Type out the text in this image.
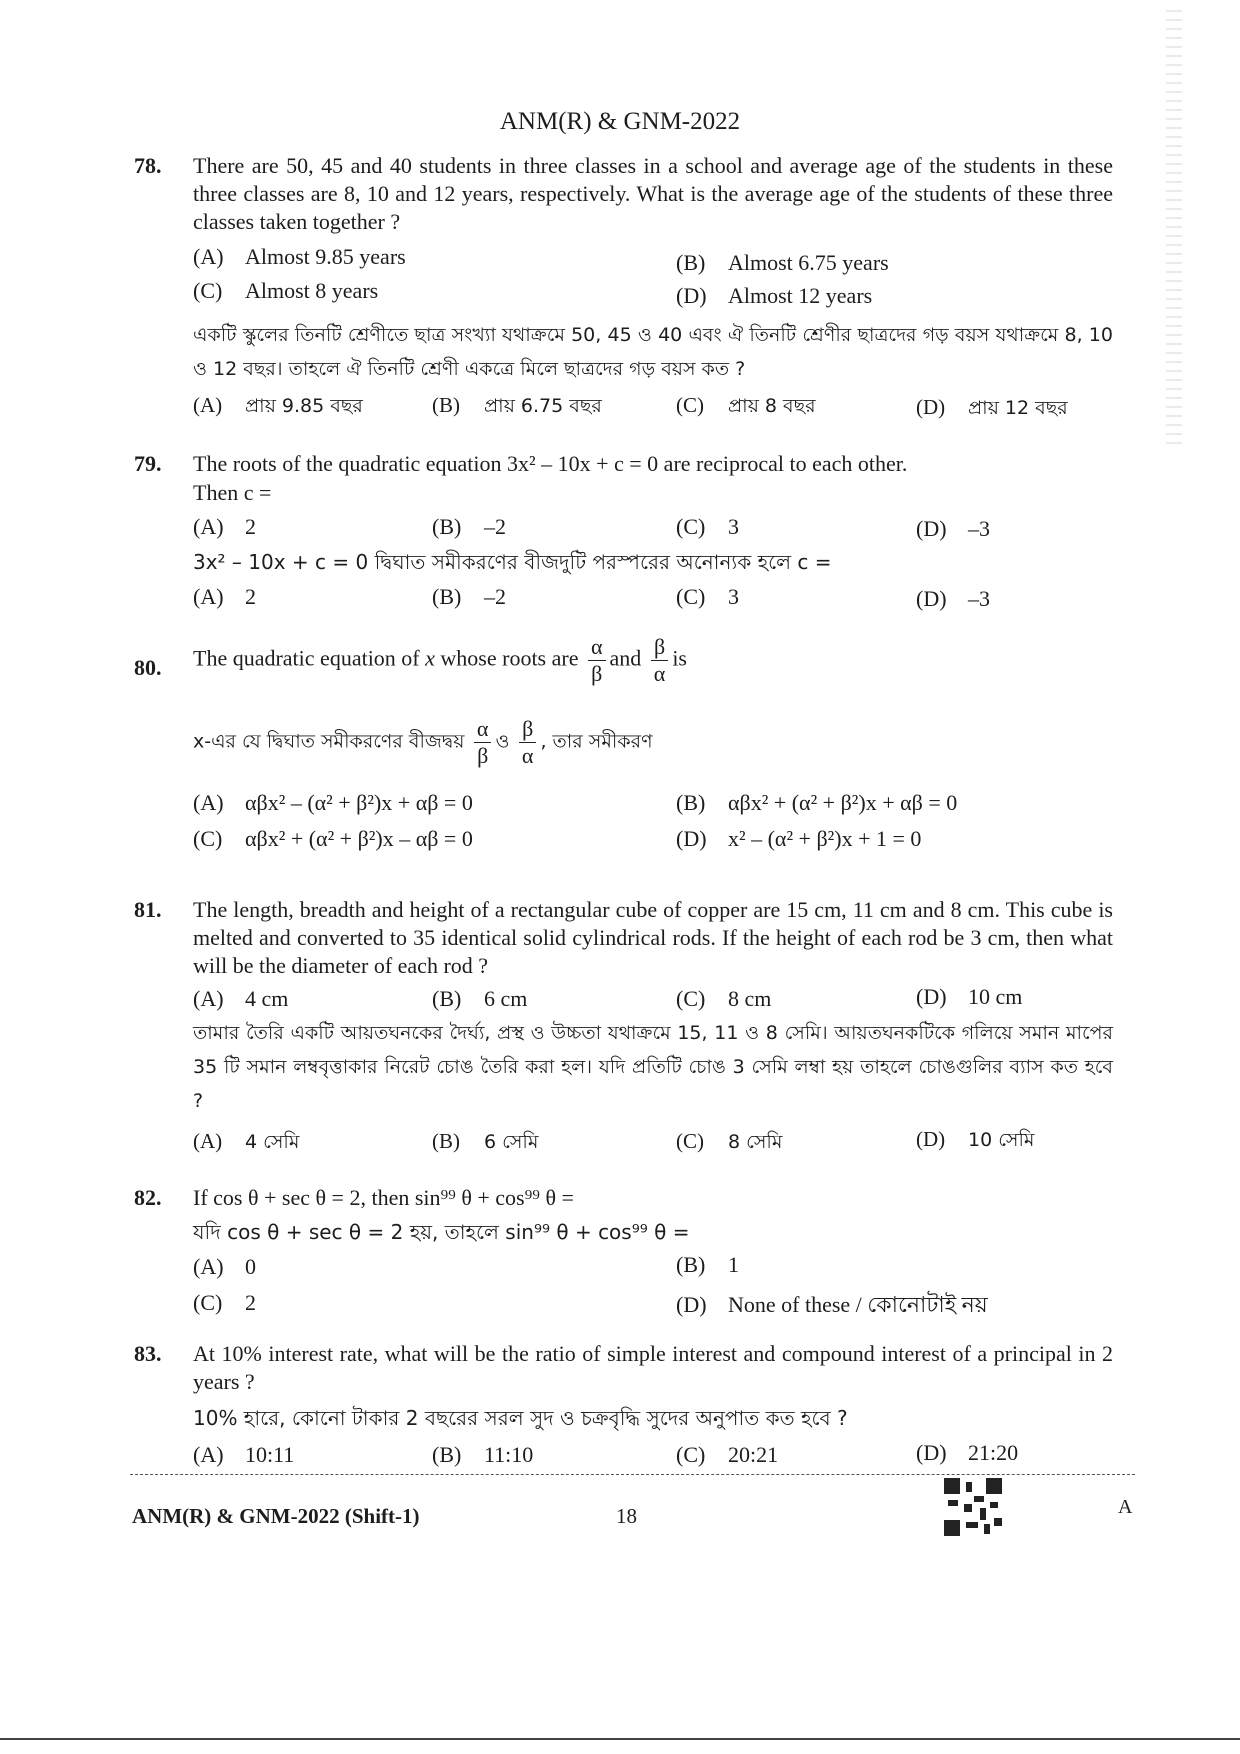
ANM(R) & GNM-2022
78. There are 50, 45 and 40 students in three classes in a school and average age of the students in these three classes are 8, 10 and 12 years, respectively. What is the average age of the students of these three classes taken together ?
(A) Almost 9.85 years	(B) Almost 6.75 years
(C) Almost 8 years	(D) Almost 12 years
একটি স্কুলের তিনটি শ্রেণীতে ছাত্র সংখ্যা যথাক্রমে 50, 45 ও 40 এবং ঐ তিনটি শ্রেণীর ছাত্রদের গড় বয়স যথাক্রমে 8, 10 ও 12 বছর। তাহলে ঐ তিনটি শ্রেণী একত্রে মিলে ছাত্রদের গড় বয়স কত ?
(A) প্রায় 9.85 বছর	(B) প্রায় 6.75 বছর	(C) প্রায় 8 বছর	(D) প্রায় 12 বছর
79. The roots of the quadratic equation 3x² – 10x + c = 0 are reciprocal to each other.
Then c =
(A) 2	(B) –2	(C) 3	(D) –3
3x² – 10x + c = 0 দ্বিঘাত সমীকরণের বীজদুটি পরস্পরের অনোন্যক হলে c =
(A) 2	(B) –2	(C) 3	(D) –3
80. The quadratic equation of x whose roots are $\frac{\alpha}{\beta}$ and $\frac{\beta}{\alpha}$ is
x-এর যে দ্বিঘাত সমীকরণের বীজদ্বয় $\frac{\alpha}{\beta}$ ও $\frac{\beta}{\alpha}$ , তার সমীকরণ
(A) αβx² – (α² + β²)x + αβ = 0	(B) αβx² + (α² + β²)x + αβ = 0
(C) αβx² + (α² + β²)x – αβ = 0	(D) x² – (α² + β²)x + 1 = 0
81. The length, breadth and height of a rectangular cube of copper are 15 cm, 11 cm and 8 cm. This cube is melted and converted to 35 identical solid cylindrical rods. If the height of each rod be 3 cm, then what will be the diameter of each rod ?
(A) 4 cm	(B) 6 cm	(C) 8 cm	(D) 10 cm
তামার তৈরি একটি আয়তঘনকের দৈর্ঘ্য, প্রস্থ ও উচ্চতা যথাক্রমে 15, 11 ও 8 সেমি। আয়তঘনকটিকে গলিয়ে সমান মাপের 35 টি সমান লম্ববৃত্তাকার নিরেট চোঙ তৈরি করা হল। যদি প্রতিটি চোঙ 3 সেমি লম্বা হয় তাহলে চোঙগুলির ব্যাস কত হবে ?
(A) 4 সেমি	(B) 6 সেমি	(C) 8 সেমি	(D) 10 সেমি
82. If cos θ + sec θ = 2, then sin⁹⁹ θ + cos⁹⁹ θ =
যদি cos θ + sec θ = 2 হয়, তাহলে sin⁹⁹ θ + cos⁹⁹ θ =
(A) 0	(B) 1
(C) 2	(D) None of these / কোনোটাই নয়
83. At 10% interest rate, what will be the ratio of simple interest and compound interest of a principal in 2 years ?
10% হারে, কোনো টাকার 2 বছরের সরল সুদ ও চক্রবৃদ্ধি সুদের অনুপাত কত হবে ?
(A) 10:11	(B) 11:10	(C) 20:21	(D) 21:20
ANM(R) & GNM-2022 (Shift-1)	18	A
